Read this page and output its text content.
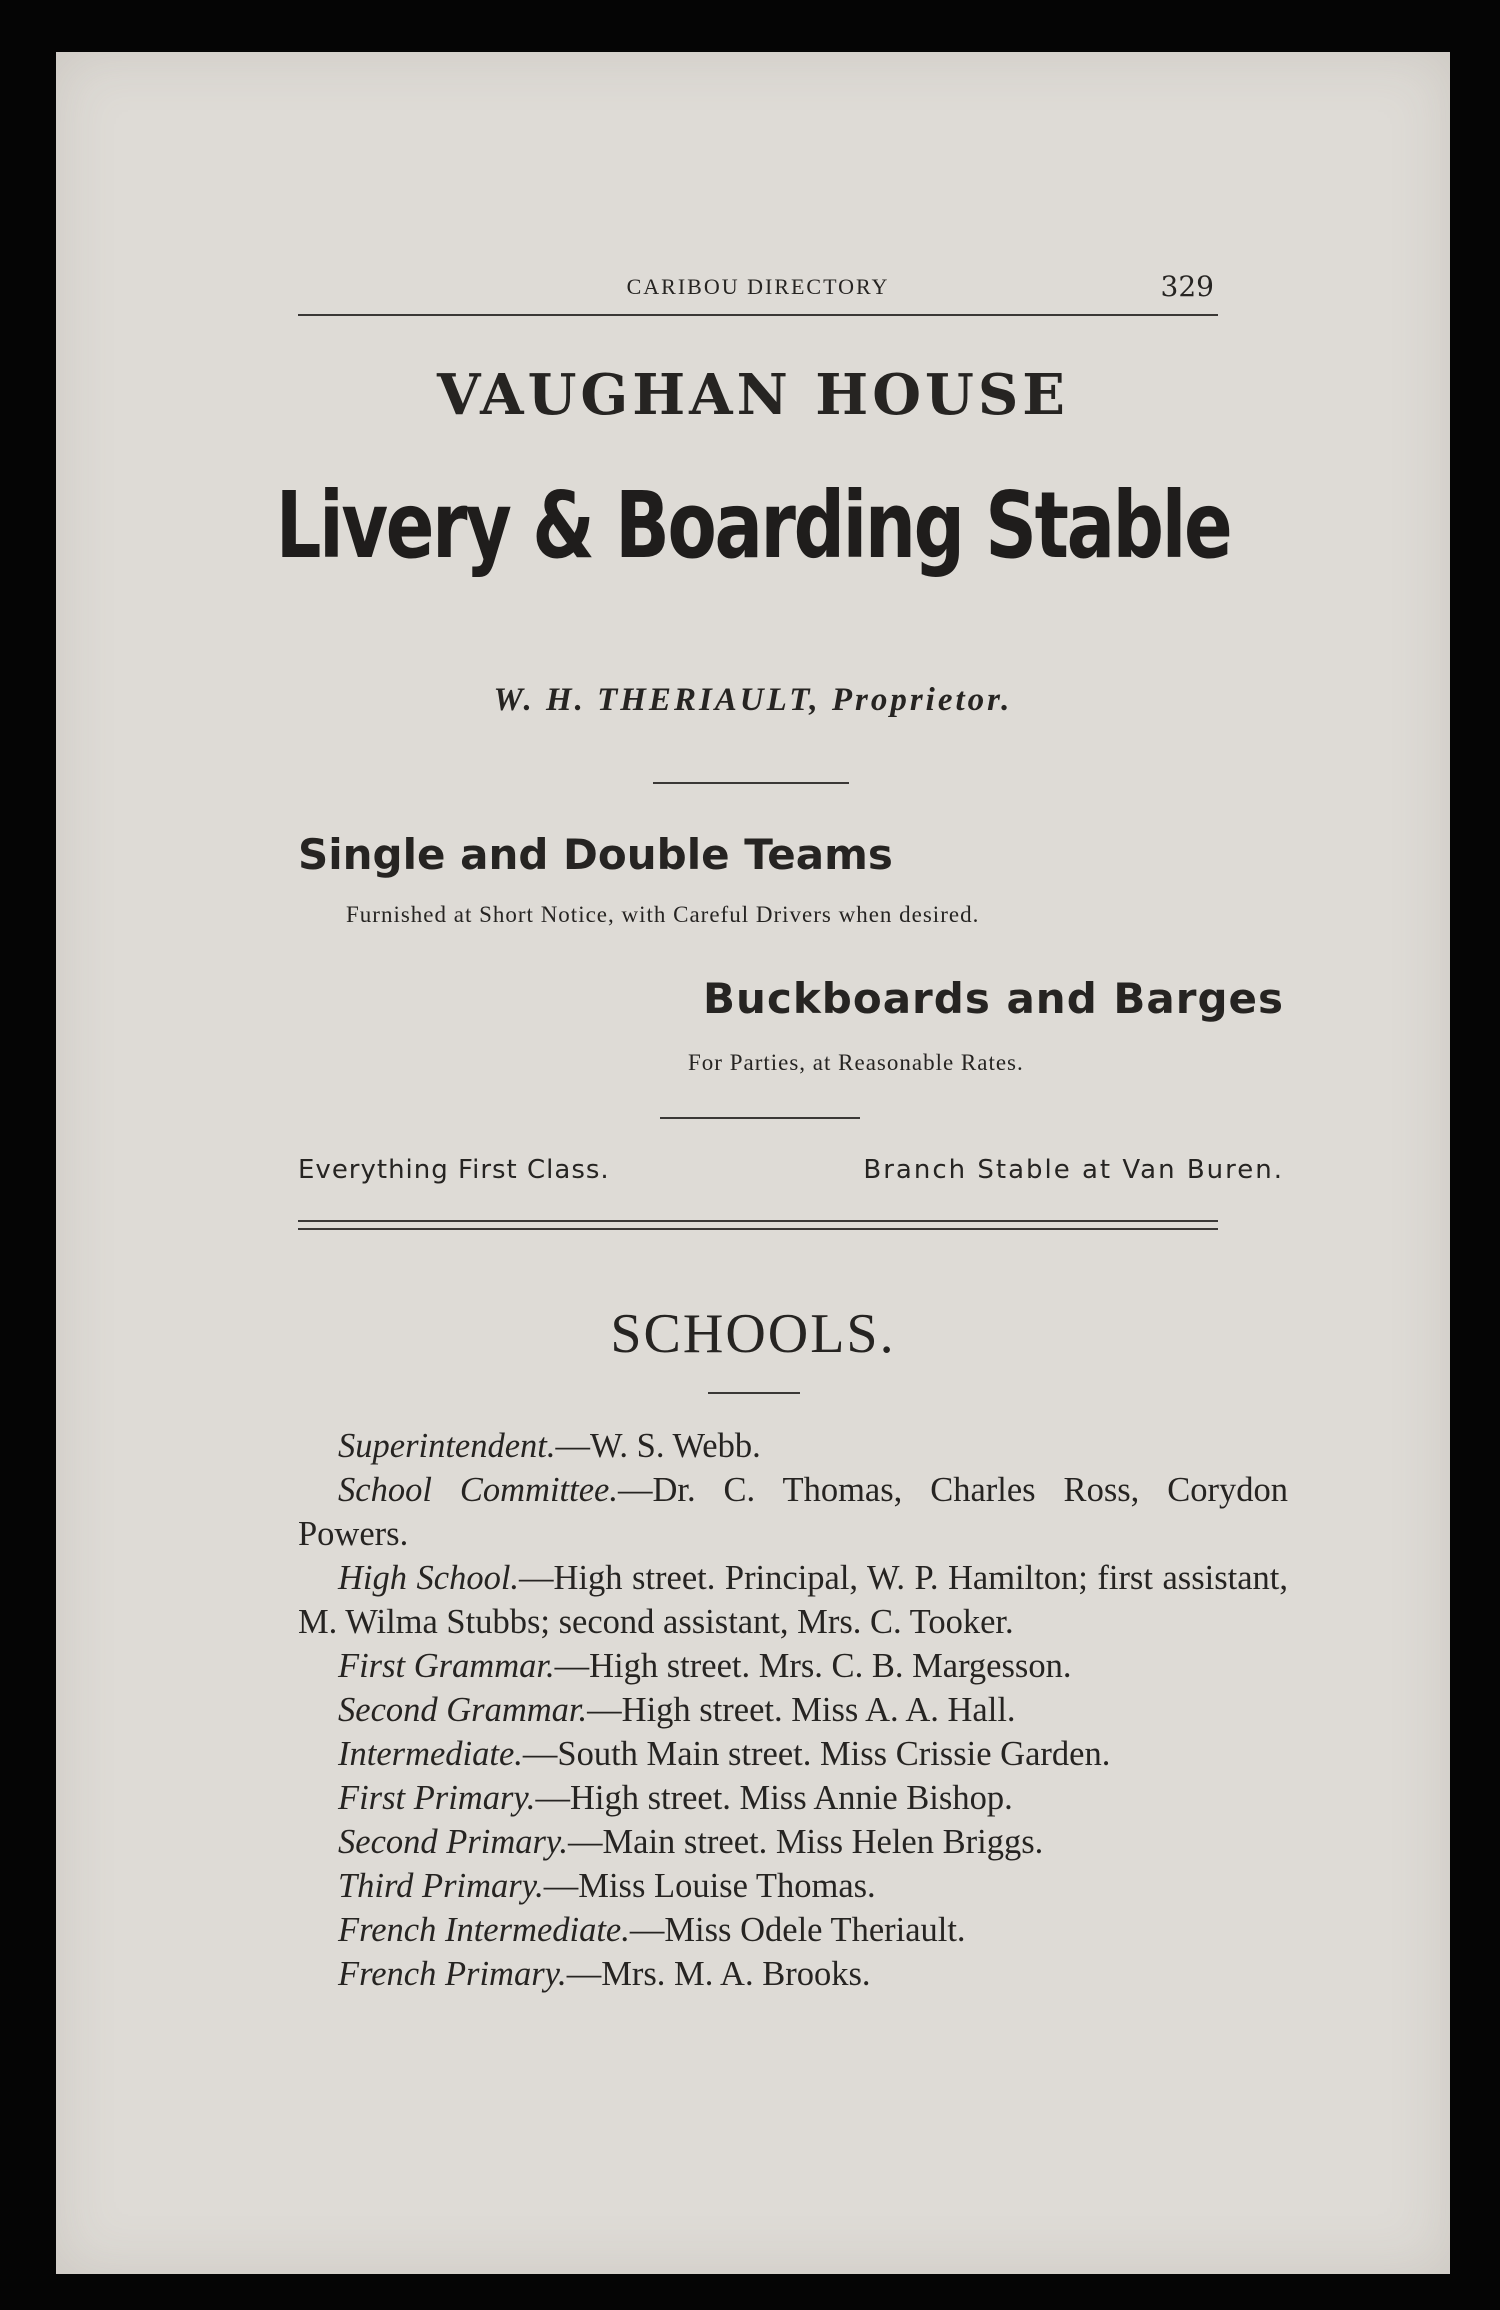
CARIBOU DIRECTORY	329
VAUGHAN HOUSE
Livery & Boarding Stable
W. H. THERIAULT, Proprietor.
Single and Double Teams
Furnished at Short Notice, with Careful Drivers when desired.
Buckboards and Barges
For Parties, at Reasonable Rates.
Everything First Class.	Branch Stable at Van Buren.
SCHOOLS.

Superintendent.—W. S. Webb.

School Committee.—Dr. C. Thomas, Charles Ross, Corydon Powers.

High School.—High street. Principal, W. P. Hamilton; first assistant, M. Wilma Stubbs; second assistant, Mrs. C. Tooker.

First Grammar.—High street. Mrs. C. B. Margesson.

Second Grammar.—High street. Miss A. A. Hall.

Intermediate.—South Main street. Miss Crissie Garden.

First Primary.—High street. Miss Annie Bishop.

Second Primary.—Main street. Miss Helen Briggs.

Third Primary.—Miss Louise Thomas.

French Intermediate.—Miss Odele Theriault.

French Primary.—Mrs. M. A. Brooks.
